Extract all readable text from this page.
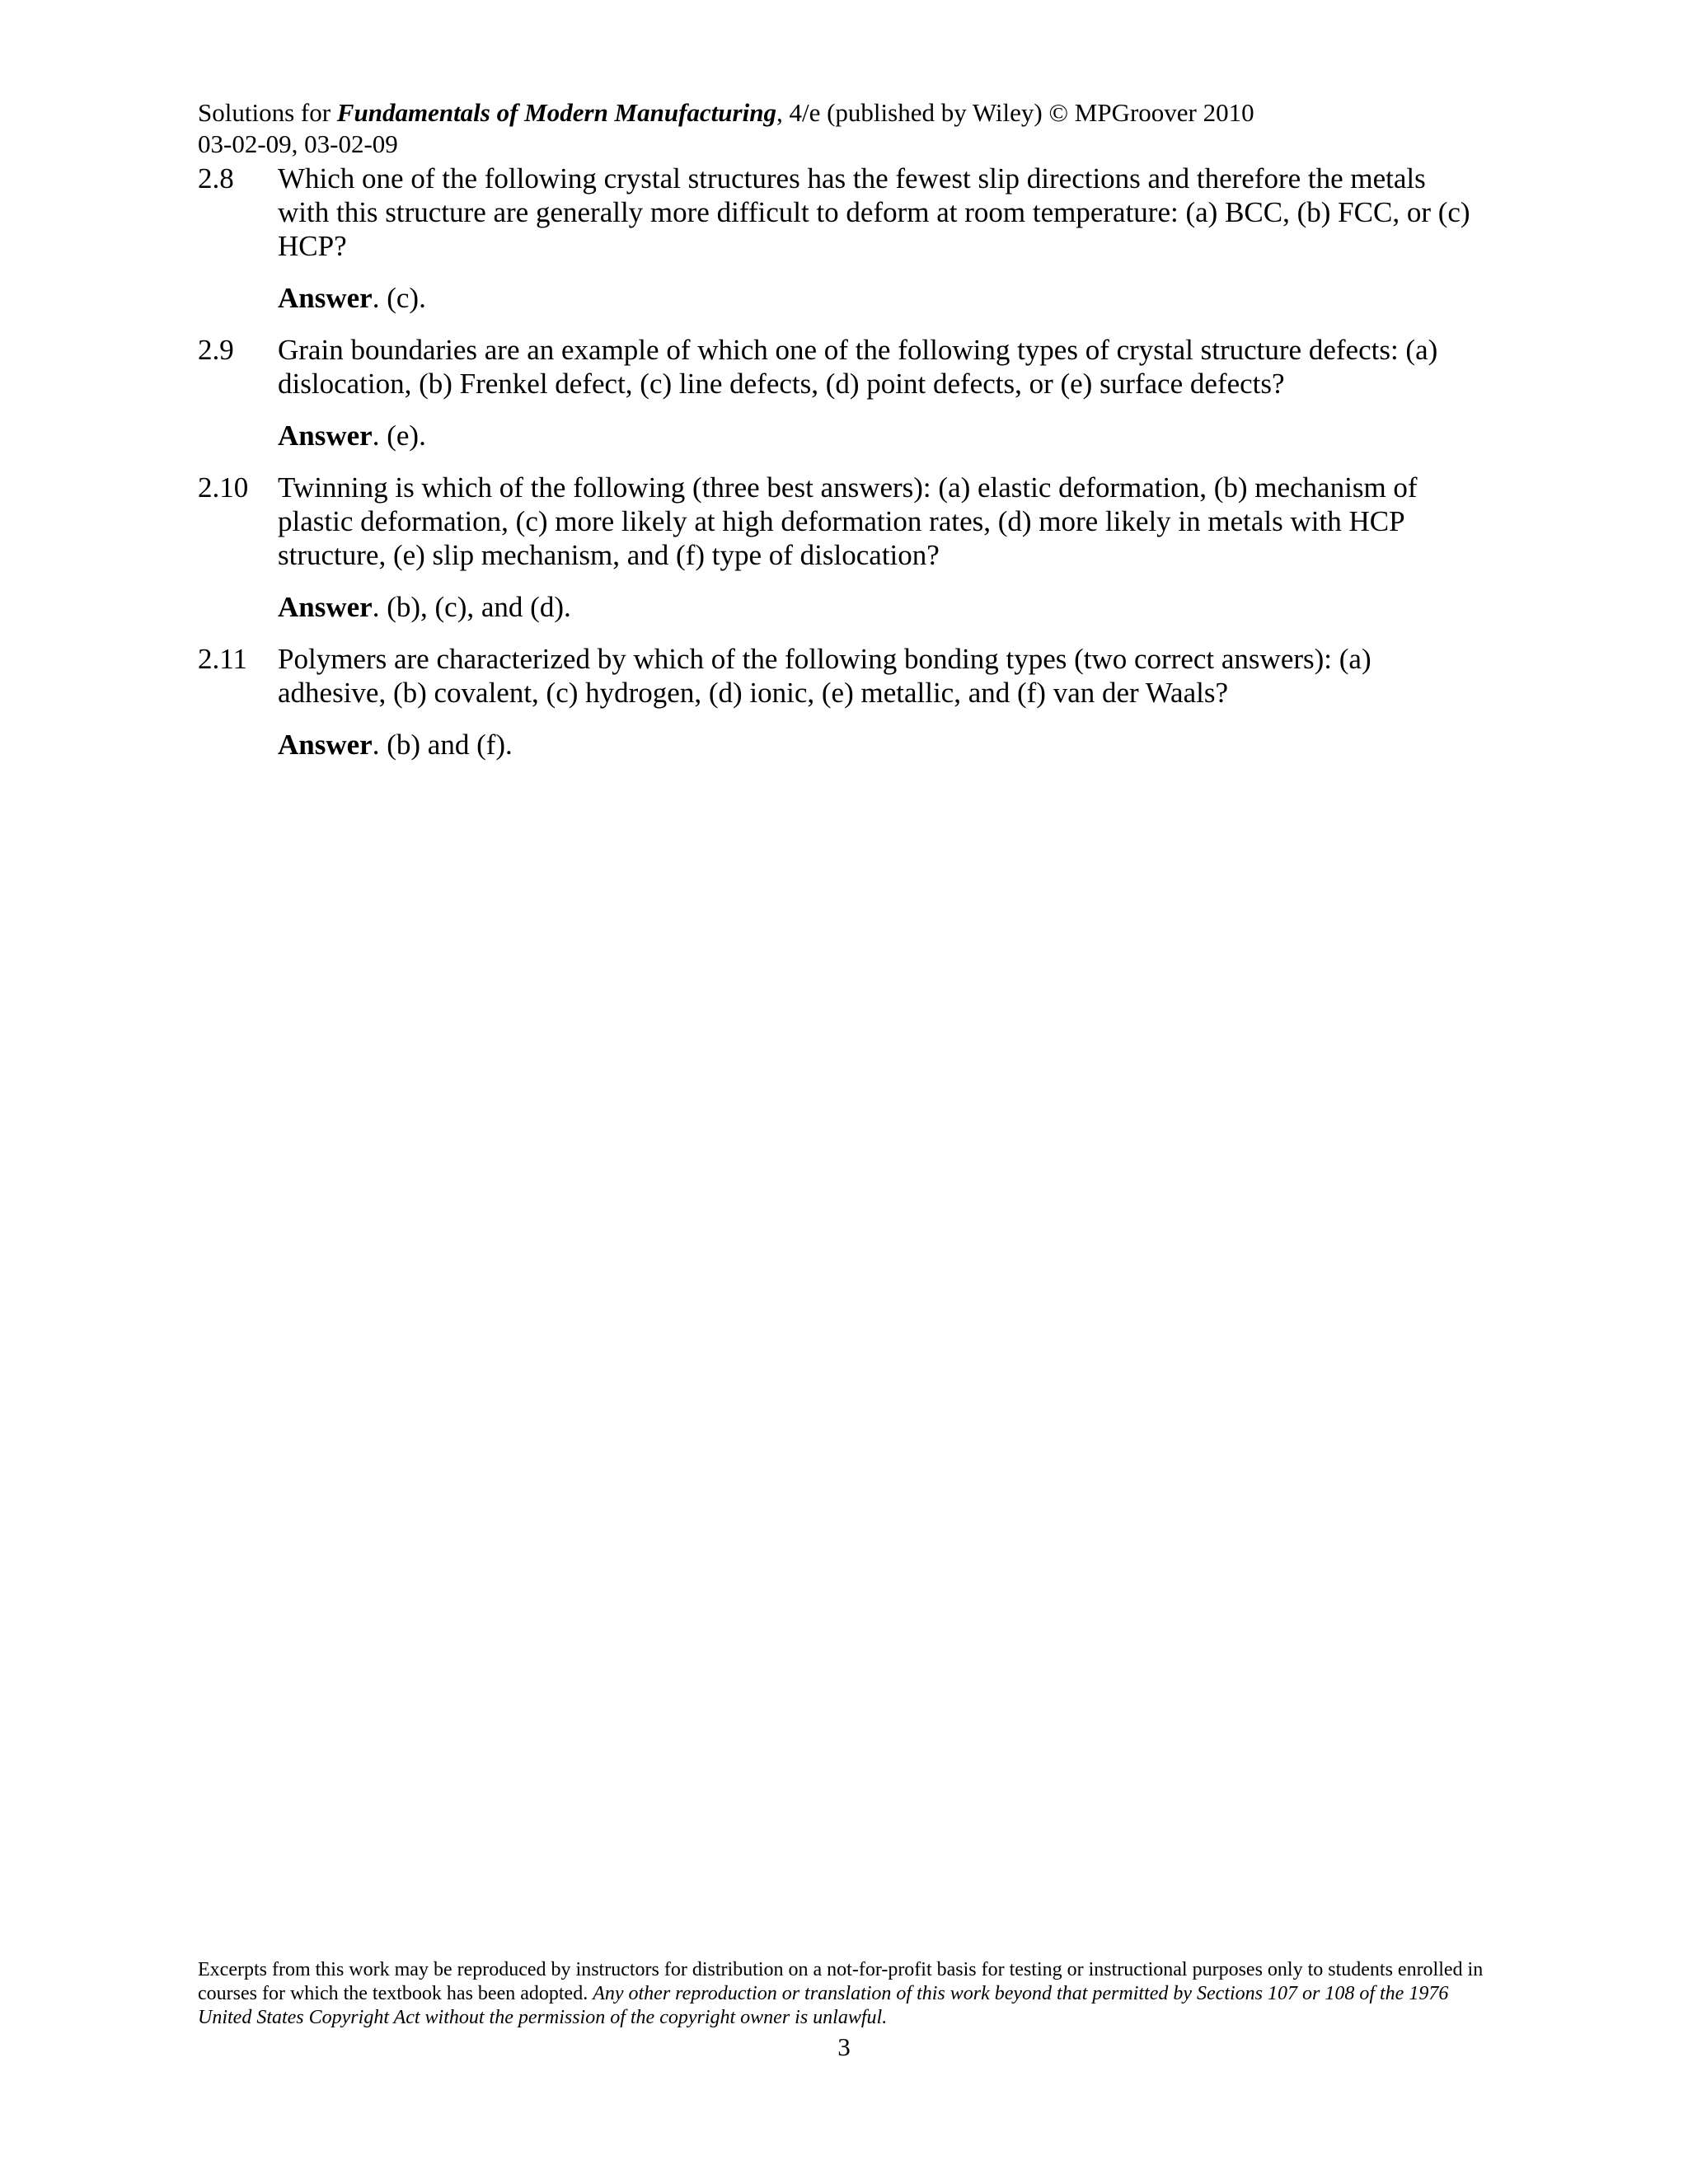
Solutions for Fundamentals of Modern Manufacturing, 4/e (published by Wiley) © MPGroover 2010
03-02-09, 03-02-09
2.8	Which one of the following crystal structures has the fewest slip directions and therefore the metals with this structure are generally more difficult to deform at room temperature: (a) BCC, (b) FCC, or (c) HCP?

Answer. (c).

2.9	Grain boundaries are an example of which one of the following types of crystal structure defects: (a) dislocation, (b) Frenkel defect, (c) line defects, (d) point defects, or (e) surface defects?

Answer. (e).

2.10	Twinning is which of the following (three best answers): (a) elastic deformation, (b) mechanism of plastic deformation, (c) more likely at high deformation rates, (d) more likely in metals with HCP structure, (e) slip mechanism, and (f) type of dislocation?

Answer. (b), (c), and (d).

2.11	Polymers are characterized by which of the following bonding types (two correct answers): (a) adhesive, (b) covalent, (c) hydrogen, (d) ionic, (e) metallic, and (f) van der Waals?

Answer. (b) and (f).

Excerpts from this work may be reproduced by instructors for distribution on a not-for-profit basis for testing or instructional purposes only to students enrolled in courses for which the textbook has been adopted. Any other reproduction or translation of this work beyond that permitted by Sections 107 or 108 of the 1976 United States Copyright Act without the permission of the copyright owner is unlawful.
3
